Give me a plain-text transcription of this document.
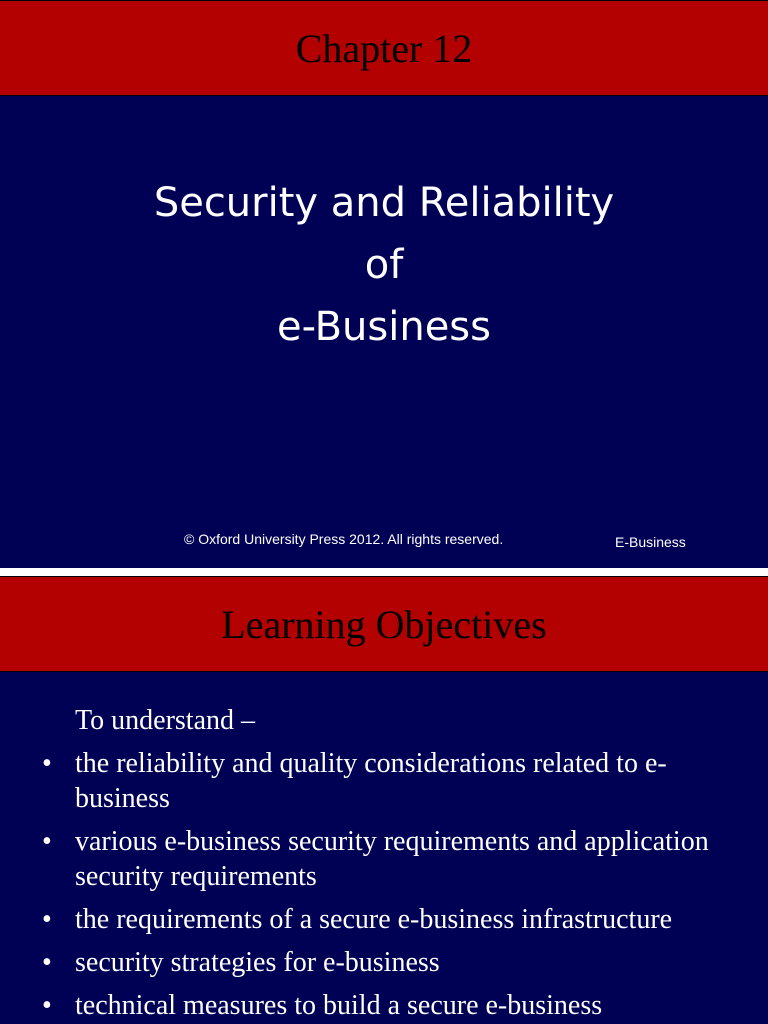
Chapter 12
Security and Reliability
of
e-Business
© Oxford University Press 2012. All rights reserved.	E-Business
Learning Objectives
To understand –
• the reliability and quality considerations related to e-business
• various e-business security requirements and application security requirements
• the requirements of a secure e-business infrastructure
• security strategies for e-business
• technical measures to build a secure e-business
